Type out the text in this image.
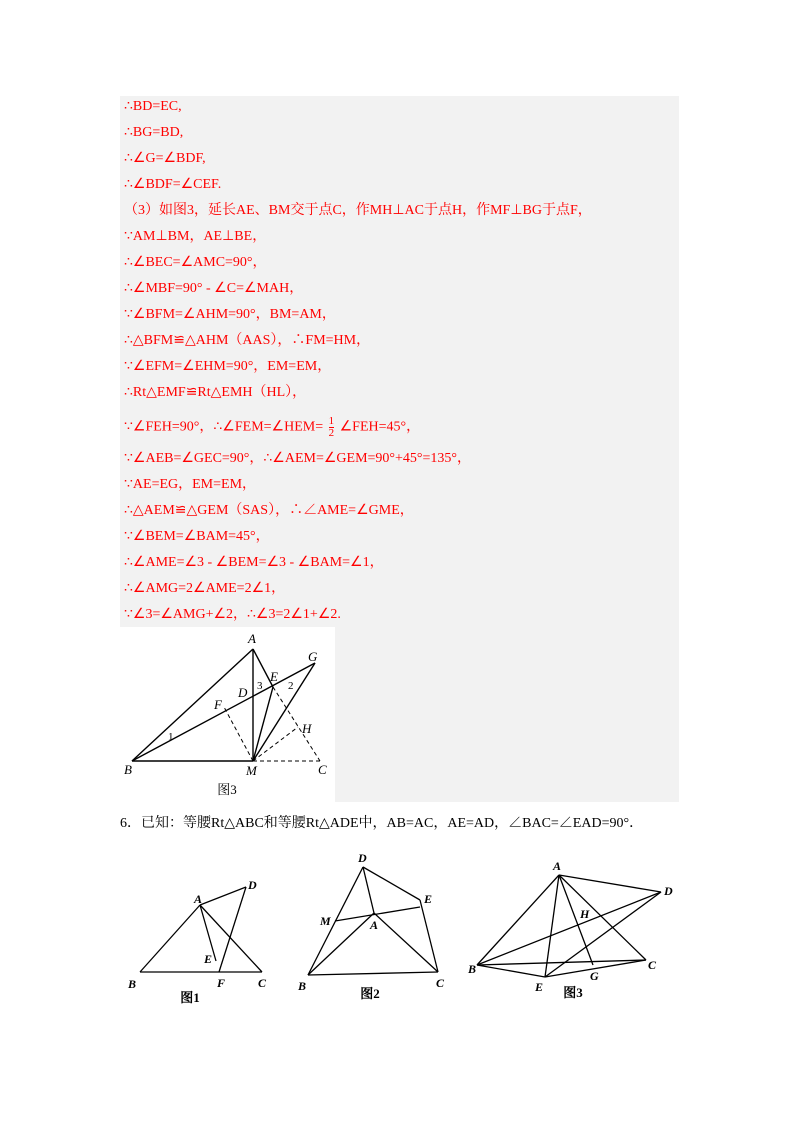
∴BD=EC,
∴BG=BD,
∴∠G=∠BDF,
∴∠BDF=∠CEF.
（3）如图3，延长AE、BM交于点C，作MH⊥AC于点H，作MF⊥BG于点F，
∵AM⊥BM，AE⊥BE，
∴∠BEC=∠AMC=90°，
∴∠MBF=90° - ∠C=∠MAH，
∵∠BFM=∠AHM=90°，BM=AM，
∴△BFM≌△AHM（AAS），∴FM=HM，
∵∠EFM=∠EHM=90°，EM=EM，
∴Rt△EMF≌Rt△EMH（HL），
∵∠FEH=90°，∴∠FEM=∠HEM= $\frac{1}{2}$ ∠FEH=45°，
∵∠AEB=∠GEC=90°，∴∠AEM=∠GEM=90°+45°=135°，
∵AE=EG，EM=EM，
∴△AEM≌△GEM（SAS），∴∠AME=∠GME，
∵∠BEM=∠BAM=45°，
∴∠AME=∠3 - ∠BEM=∠3 - ∠BAM=∠1，
∴∠AMG=2∠AME=2∠1，
∵∠3=∠AMG+∠2，∴∠3=2∠1+∠2.
A
B	C
D
E
F
G
H
M
1
2
3
图3
6．已知：等腰Rt△ABC和等腰Rt△ADE中，AB=AC，AE=AD，∠BAC=∠EAD=90°．
A
B	C
D
E
F
图1
A
B	C
D
E
M
图2
A
B	C
D
E
G
H
图3
